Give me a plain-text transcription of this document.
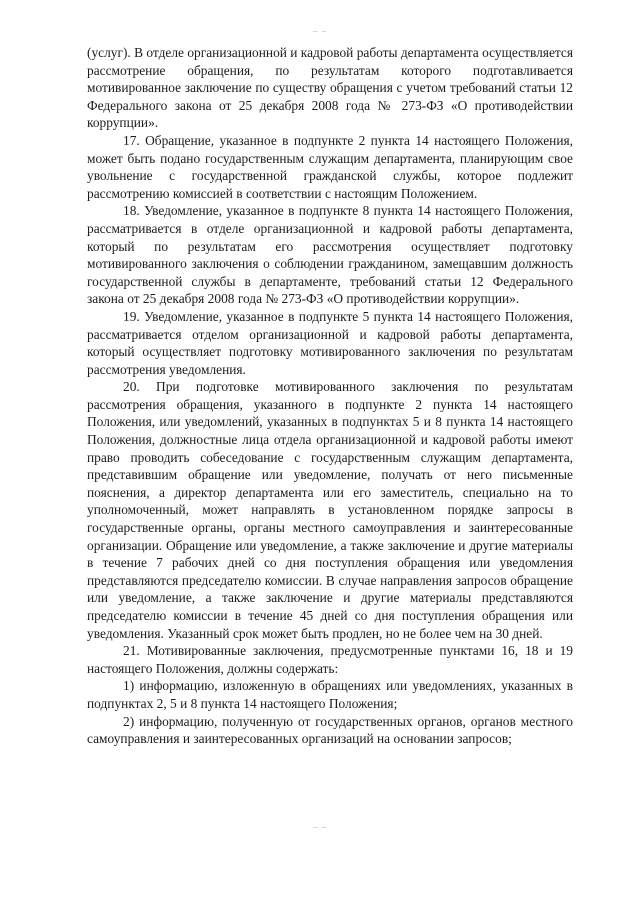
– –

(услуг). В отделе организационной и кадровой работы департамента осуществляется рассмотрение обращения, по результатам которого подготавливается мотивированное заключение по существу обращения с учетом требований статьи 12 Федерального закона от 25 декабря 2008 года № 273-ФЗ «О противодействии коррупции».

17. Обращение, указанное в подпункте 2 пункта 14 настоящего Положения, может быть подано государственным служащим департамента, планирующим свое увольнение с государственной гражданской службы, которое подлежит рассмотрению комиссией в соответствии с настоящим Положением.

18. Уведомление, указанное в подпункте 8 пункта 14 настоящего Положения, рассматривается в отделе организационной и кадровой работы департамента, который по результатам его рассмотрения осуществляет подготовку мотивированного заключения о соблюдении гражданином, замещавшим должность государственной службы в департаменте, требований статьи 12 Федерального закона от 25 декабря 2008 года № 273-ФЗ «О противодействии коррупции».

19. Уведомление, указанное в подпункте 5 пункта 14 настоящего Положения, рассматривается отделом организационной и кадровой работы департамента, который осуществляет подготовку мотивированного заключения по результатам рассмотрения уведомления.

20. При подготовке мотивированного заключения по результатам рассмотрения обращения, указанного в подпункте 2 пункта 14 настоящего Положения, или уведомлений, указанных в подпунктах 5 и 8 пункта 14 настоящего Положения, должностные лица отдела организационной и кадровой работы имеют право проводить собеседование с государственным служащим департамента, представившим обращение или уведомление, получать от него письменные пояснения, а директор департамента или его заместитель, специально на то уполномоченный, может направлять в установленном порядке запросы в государственные органы, органы местного самоуправления и заинтересованные организации. Обращение или уведомление, а также заключение и другие материалы в течение 7 рабочих дней со дня поступления обращения или уведомления представляются председателю комиссии. В случае направления запросов обращение или уведомление, а также заключение и другие материалы представляются председателю комиссии в течение 45 дней со дня поступления обращения или уведомления. Указанный срок может быть продлен, но не более чем на 30 дней.

21. Мотивированные заключения, предусмотренные пунктами 16, 18 и 19 настоящего Положения, должны содержать:

1) информацию, изложенную в обращениях или уведомлениях, указанных в подпунктах 2, 5 и 8 пункта 14 настоящего Положения;

2) информацию, полученную от государственных органов, органов местного самоуправления и заинтересованных организаций на основании запросов;

– –
